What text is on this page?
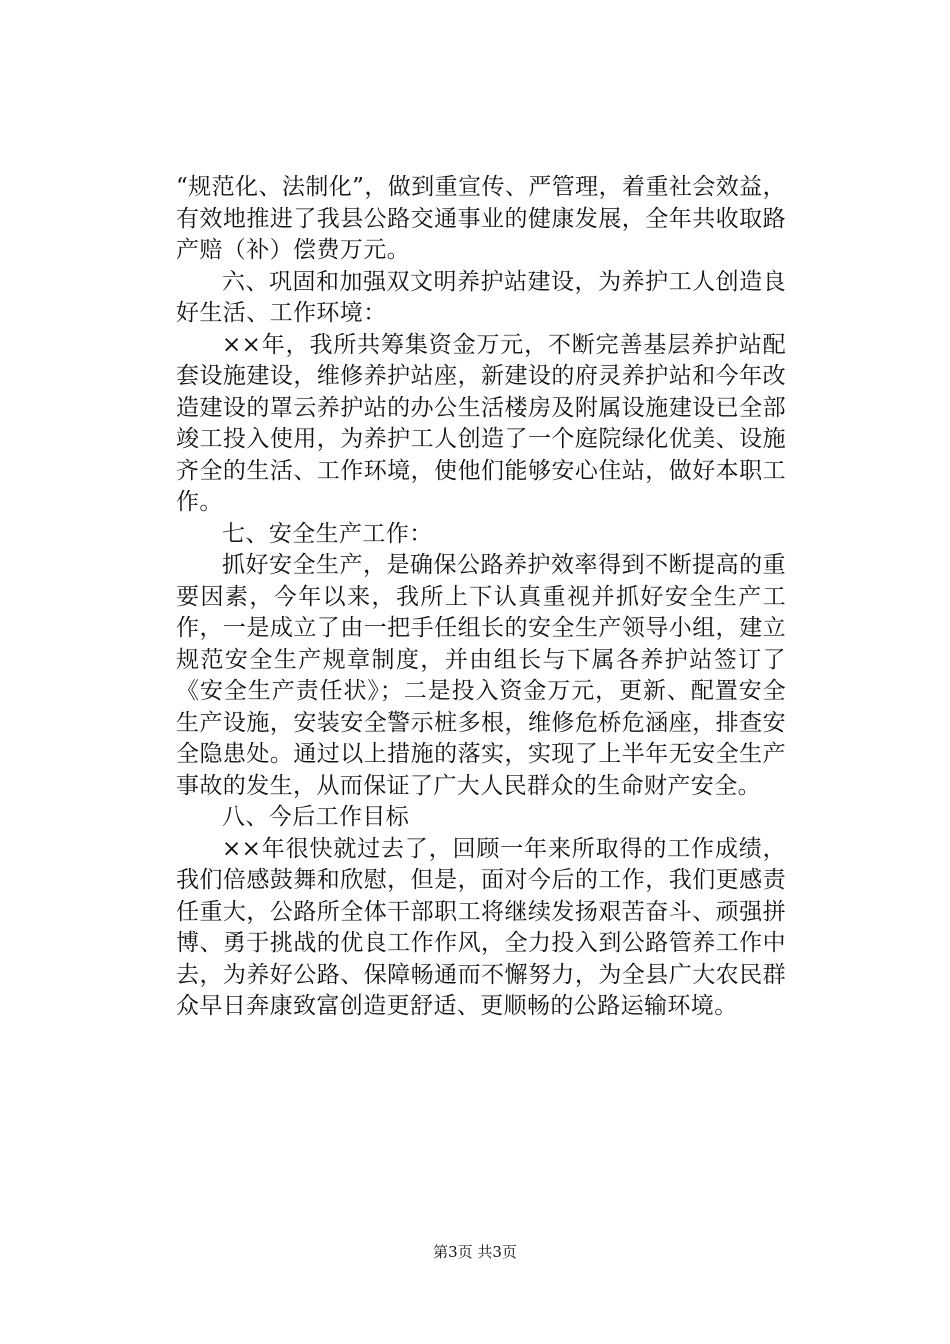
“规范化、法制化”，做到重宣传、严管理，着重社会效益，有效地推进了我县公路交通事业的健康发展，全年共收取路产赔（补）偿费万元。

六、巩固和加强双文明养护站建设，为养护工人创造良好生活、工作环境：

××年，我所共筹集资金万元，不断完善基层养护站配套设施建设，维修养护站座，新建设的府灵养护站和今年改造建设的罩云养护站的办公生活楼房及附属设施建设已全部竣工投入使用，为养护工人创造了一个庭院绿化优美、设施齐全的生活、工作环境，使他们能够安心住站，做好本职工作。

七、安全生产工作：

抓好安全生产，是确保公路养护效率得到不断提高的重要因素，今年以来，我所上下认真重视并抓好安全生产工作，一是成立了由一把手任组长的安全生产领导小组，建立规范安全生产规章制度，并由组长与下属各养护站签订了《安全生产责任状》；二是投入资金万元，更新、配置安全生产设施，安装安全警示桩多根，维修危桥危涵座，排查安全隐患处。通过以上措施的落实，实现了上半年无安全生产事故的发生，从而保证了广大人民群众的生命财产安全。

八、今后工作目标

××年很快就过去了，回顾一年来所取得的工作成绩，我们倍感鼓舞和欣慰，但是，面对今后的工作，我们更感责任重大，公路所全体干部职工将继续发扬艰苦奋斗、顽强拼博、勇于挑战的优良工作作风，全力投入到公路管养工作中去，为养好公路、保障畅通而不懈努力，为全县广大农民群众早日奔康致富创造更舒适、更顺畅的公路运输环境。

第3页 共3页
